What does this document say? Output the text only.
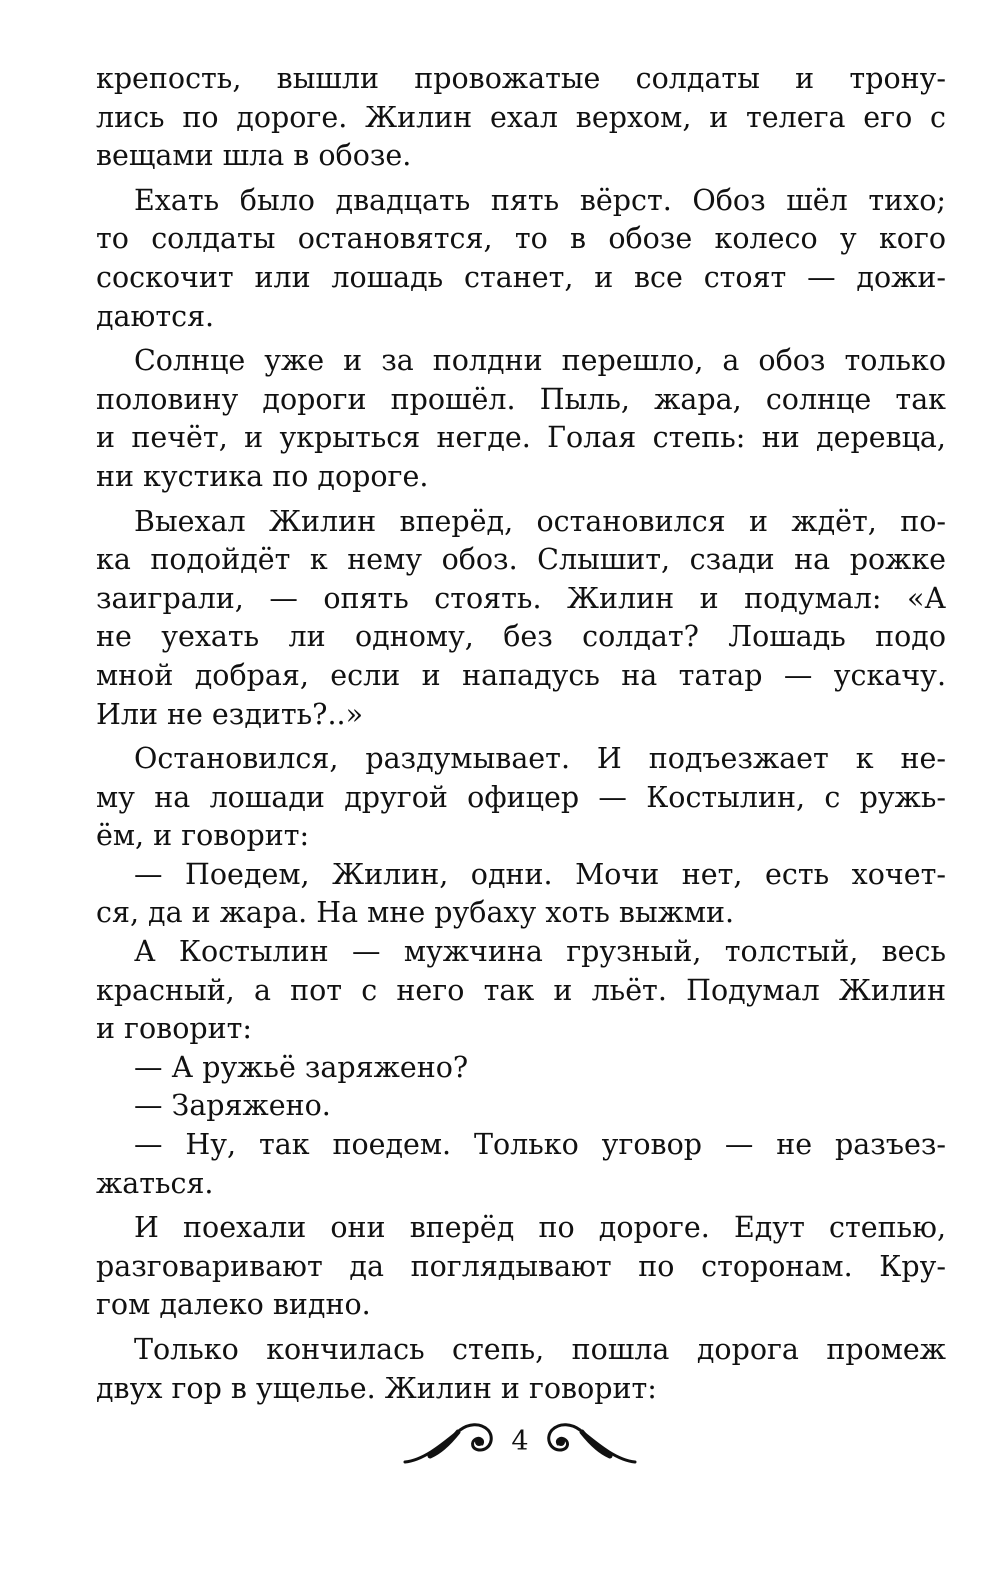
крепость, вышли провожатые солдаты и трону-
лись по дороге. Жилин ехал верхом, и телега его с
вещами шла в обозе.
Ехать было двадцать пять вёрст. Обоз шёл тихо;
то солдаты остановятся, то в обозе колесо у кого
соскочит или лошадь станет, и все стоят — дожи-
даются.
Солнце уже и за полдни перешло, а обоз только
половину дороги прошёл. Пыль, жара, солнце так
и печёт, и укрыться негде. Голая степь: ни деревца,
ни кустика по дороге.
Выехал Жилин вперёд, остановился и ждёт, по-
ка подойдёт к нему обоз. Слышит, сзади на рожке
заиграли, — опять стоять. Жилин и подумал: «А
не уехать ли одному, без солдат? Лошадь подо
мной добрая, если и нападусь на татар — ускачу.
Или не ездить?..»
Остановился, раздумывает. И подъезжает к не-
му на лошади другой офицер — Костылин, с ружь-
ём, и говорит:
— Поедем, Жилин, одни. Мочи нет, есть хочет-
ся, да и жара. На мне рубаху хоть выжми.
А Костылин — мужчина грузный, толстый, весь
красный, а пот с него так и льёт. Подумал Жилин
и говорит:
— А ружьё заряжено?
— Заряжено.
— Ну, так поедем. Только уговор — не разъез-
жаться.
И поехали они вперёд по дороге. Едут степью,
разговаривают да поглядывают по сторонам. Кру-
гом далеко видно.
Только кончилась степь, пошла дорога промеж
двух гор в ущелье. Жилин и говорит:
4
